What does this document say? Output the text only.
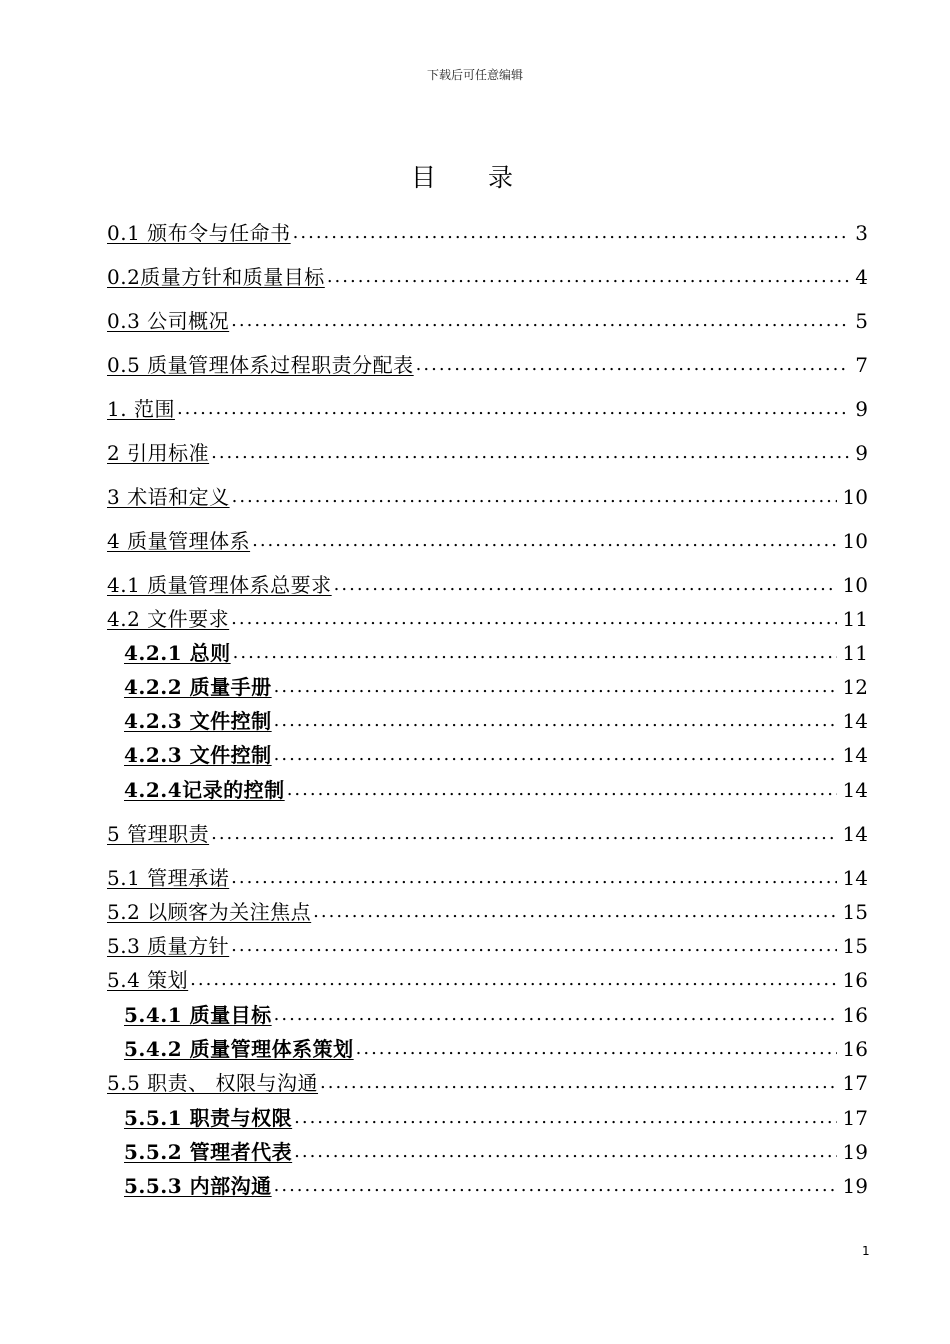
下载后可任意编辑
目录
0.1 颁布令与任命书 .....	3
0.2质量方针和质量目标 .....	4
0.3 公司概况 .....	5
0.5 质量管理体系过程职责分配表 .....	7
1. 范围 .....	9
2 引用标准 .....	9
3 术语和定义 .....	10
4 质量管理体系 .....	10
4.1 质量管理体系总要求 .....	10
4.2 文件要求 .....	11
4.2.1 总则 .....	11
4.2.2 质量手册 .....	12
4.2.3 文件控制 .....	14
4.2.3 文件控制 .....	14
4.2.4记录的控制 .....	14
5 管理职责 .....	14
5.1 管理承诺 .....	14
5.2 以顾客为关注焦点 .....	15
5.3 质量方针 .....	15
5.4 策划 .....	16
5.4.1 质量目标 .....	16
5.4.2 质量管理体系策划 .....	16
5.5 职责、 权限与沟通 .....	17
5.5.1 职责与权限 .....	17
5.5.2 管理者代表 .....	19
5.5.3 内部沟通 .....	19
1
